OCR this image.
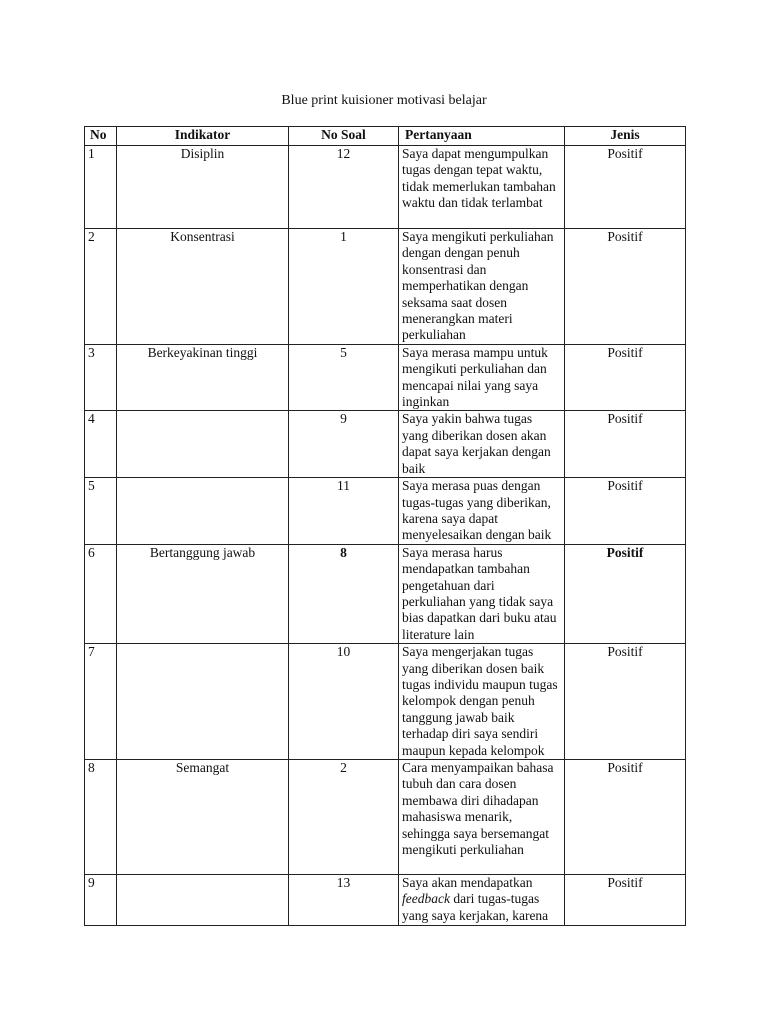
Blue print kuisioner motivasi belajar
No	Indikator	No Soal	Pertanyaan	Jenis
1	Disiplin	12	Saya dapat mengumpulkan tugas dengan tepat waktu, tidak memerlukan tambahan waktu dan tidak terlambat	Positif
2	Konsentrasi	1	Saya mengikuti perkuliahan dengan dengan penuh konsentrasi dan memperhatikan dengan seksama saat dosen menerangkan materi perkuliahan	Positif
3	Berkeyakinan tinggi	5	Saya merasa mampu untuk mengikuti perkuliahan dan mencapai nilai yang saya inginkan	Positif
4		9	Saya yakin bahwa tugas yang diberikan dosen akan dapat saya kerjakan dengan baik	Positif
5		11	Saya merasa puas dengan tugas-tugas yang diberikan, karena saya dapat menyelesaikan dengan baik	Positif
6	Bertanggung jawab	8	Saya merasa harus mendapatkan tambahan pengetahuan dari perkuliahan yang tidak saya bias dapatkan dari buku atau literature lain	Positif
7		10	Saya mengerjakan tugas yang diberikan dosen baik tugas individu maupun tugas kelompok dengan penuh tanggung jawab baik terhadap diri saya sendiri maupun kepada kelompok	Positif
8	Semangat	2	Cara menyampaikan bahasa tubuh dan cara dosen membawa diri dihadapan mahasiswa menarik, sehingga saya bersemangat mengikuti perkuliahan	Positif
9		13	Saya akan mendapatkan feedback dari tugas-tugas yang saya kerjakan, karena	Positif
